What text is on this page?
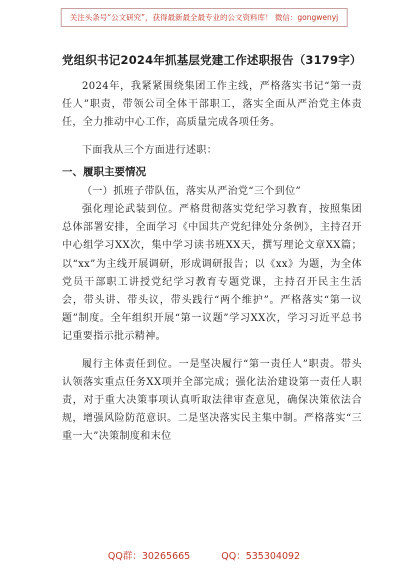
关注头条号“公文研究”，获得最新最全最专业的公文资料库！ 微信：gongwenyj
党组织书记2024年抓基层党建工作述职报告（3179字）

2024年，我紧紧围绕集团工作主线，严格落实书记“第一责任人”职责，带领公司全体干部职工，落实全面从严治党主体责任，全力推动中心工作，高质量完成各项任务。

下面我从三个方面进行述职：

一、履职主要情况

（一）抓班子带队伍，落实从严治党“三个到位”

强化理论武装到位。严格贯彻落实党纪学习教育，按照集团总体部署安排，全面学习《中国共产党纪律处分条例》，主持召开中心组学习XX次，集中学习读书班XX天，撰写理论文章XX篇；以“xx”为主线开展调研，形成调研报告；以《xx》为题，为全体党员干部职工讲授党纪学习教育专题党课，主持召开民主生活会，带头讲、带头议，带头践行“两个维护”。严格落实“第一议题”制度。全年组织开展“第一议题”学习XX次，学习习近平总书记重要指示批示精神。

履行主体责任到位。一是坚决履行“第一责任人”职责。带头认领落实重点任务XX项并全部完成；强化法治建设第一责任人职责，对于重大决策事项认真听取法律审查意见，确保决策依法合规，增强风险防范意识。二是坚决落实民主集中制。严格落实“三重一大”决策制度和末位

QQ群：30265665	QQ：535304092
